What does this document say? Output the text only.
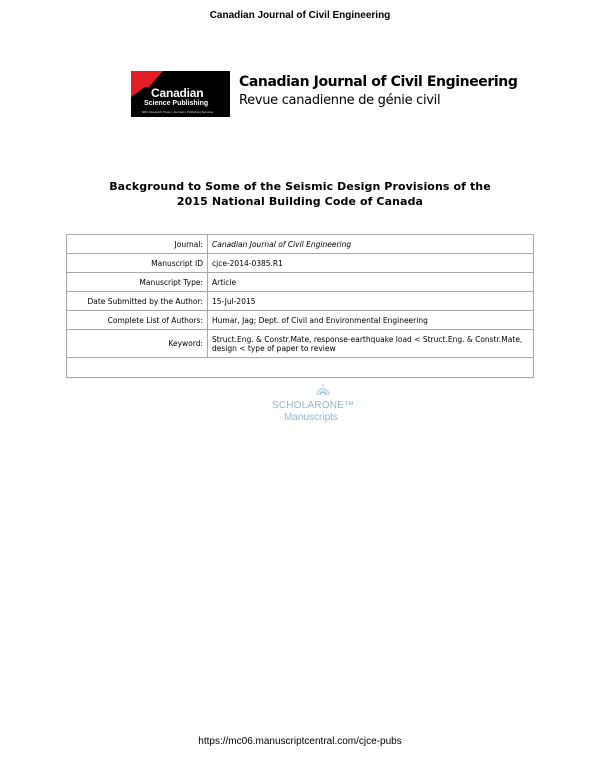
Canadian Journal of Civil Engineering
Canadian
Science Publishing
NRC Research Press | Journals | Publishing Services
Canadian Journal of Civil Engineering
Revue canadienne de génie civil
Background to Some of the Seismic Design Provisions of the
2015 National Building Code of Canada
Journal:	Canadian Journal of Civil Engineering
Manuscript ID	cjce-2014-0385.R1
Manuscript Type:	Article
Date Submitted by the Author:	15-Jul-2015
Complete List of Authors:	Humar, Jag; Dept. of Civil and Environmental Engineering
Keyword:	Struct.Eng. & Constr.Mate, response-earthquake load < Struct.Eng. & Constr.Mate, design < type of paper to review

SCHOLARONE™
Manuscripts
https://mc06.manuscriptcentral.com/cjce-pubs
